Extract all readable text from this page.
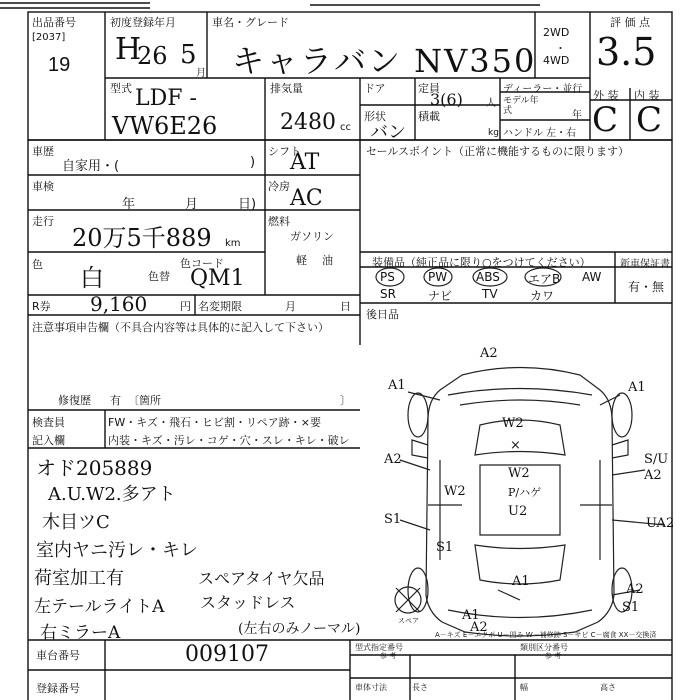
出品番号
[2037]
19
初度登録年月
H
26 5
月
車名・グレード
キャラバン NV350
2WD
・
4WD
評 価 点
3.5
型式 LDF -
VW6E26
排気量
2480 cc
ドア
形状
バン
定員
3(6) 人
積載
kg
ディーラー・並行
モデル年式	年
ハンドル 左・右
外 装 内 装
C C
車歴
自家用・(	)
シフト
AT
車検
年	月	日)
冷房 AC
走行
20万5千889 km
燃料
ガソリン
軽 油
色 白	色替
色コード
QM1
R券 9,160	円 名変期限	月	日
セールスポイント（正常に機能するものに限ります）
装備品（純正品に限り○をつけてください）	新車保証書
有・無
PS	PW ABS エアB AW
SR	ナビ TV	カワ
後日品
注意事項申告欄（不具合内容等は具体的に記入して下さい）
修復歴 有 〔箇所	〕
検査員
記入欄
FW・キズ・飛石・ヒビ割・リペア跡・×要
内装・キズ・汚レ・コゲ・穴・スレ・キレ・破レ
オド205889
A.U.W2.多アト
木目ツC
室内ヤニ汚レ・キレ
荷室加工有
左テールライトA
右ミラーA
スペアタイヤ欠品
スタッドレス
(左右のみノーマル)
A2
A1	A1
W2
×
W2
P/ハゲ
U2
W2
A2	S/U
A2
S1	UA2
S1
A1
A2
A1
S1
A2
スペア
A－キズ E－エクボ U－凹み W－補修跡 S－サビ C－腐食 XX－交換済
車台番号	009107
登録番号
型式指定番号
参 考
類別区分番号
参 考
車体寸法	長さ	幅	高さ
